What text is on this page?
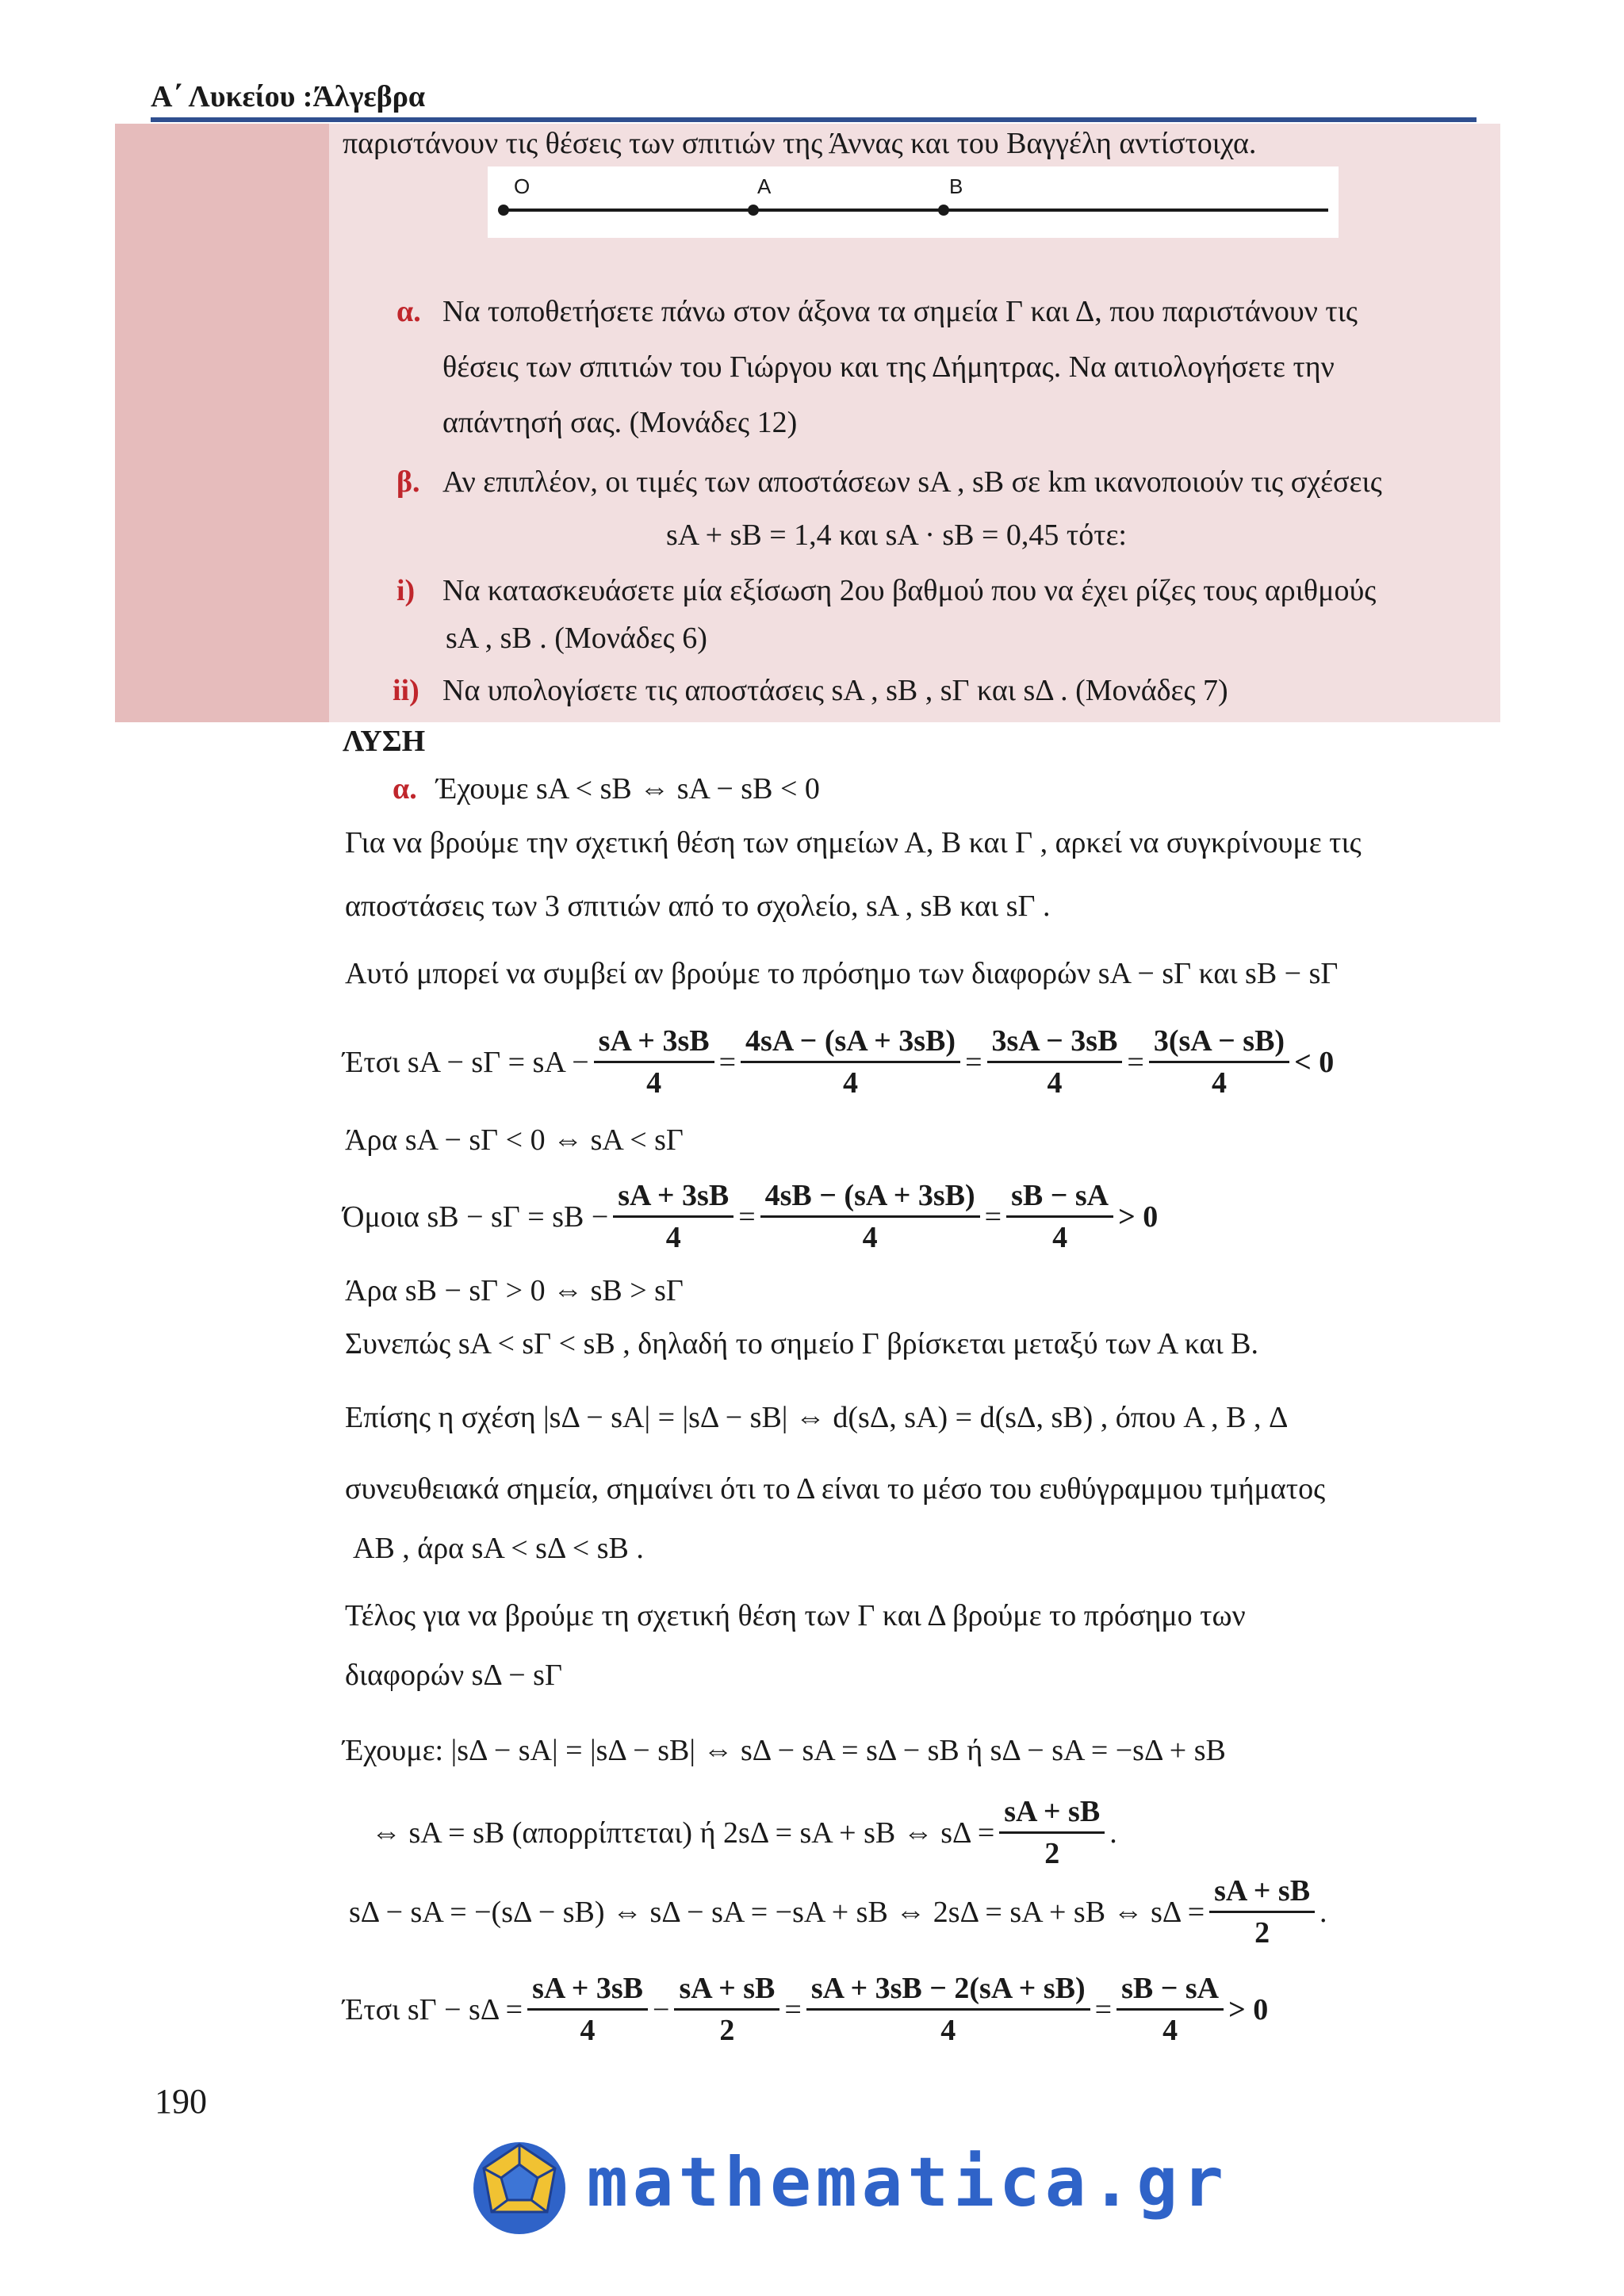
Α΄ Λυκείου :Άλγεβρα
παριστάνουν τις θέσεις των σπιτιών της Άννας και του Βαγγέλη αντίστοιχα.
O	A	B
α. Να τοποθετήσετε πάνω στον άξονα τα σημεία Γ και Δ, που παριστάνουν τις
θέσεις των σπιτιών του Γιώργου και της Δήμητρας. Να αιτιολογήσετε την
απάντησή σας. (Μονάδες 12)
β. Αν επιπλέον, οι τιμές των αποστάσεων sA , sB σε km ικανοποιούν τις σχέσεις
sA + sB = 1,4 και sA · sB = 0,45 τότε:
i) Να κατασκευάσετε μία εξίσωση 2ου βαθμού που να έχει ρίζες τους αριθμούς
sA , sB . (Μονάδες 6)
ii) Να υπολογίσετε τις αποστάσεις sA , sB , sΓ και sΔ . (Μονάδες 7)
ΛΥΣΗ
α. Έχουμε sA < sB ⇔ sA − sB < 0
Για να βρούμε την σχετική θέση των σημείων Α, Β και Γ , αρκεί να συγκρίνουμε τις
αποστάσεις των 3 σπιτιών από το σχολείο, sA , sB και sΓ .
Αυτό μπορεί να συμβεί αν βρούμε το πρόσημο των διαφορών sA − sΓ και sB − sΓ
Έτσι sA − sΓ = sA − $\frac{sA + 3sB}{4} = \frac{4sA - (sA + 3sB)}{4} = \frac{3sA - 3sB}{4} = \frac{3(sA - sB)}{4} < 0$
Άρα sA − sΓ < 0 ⇔ sA < sΓ
Όμοια sB − sΓ = sB − $\frac{sA + 3sB}{4} = \frac{4sB - (sA + 3sB)}{4} = \frac{sB - sA}{4} > 0$
Άρα sB − sΓ > 0 ⇔ sB > sΓ
Συνεπώς sA < sΓ < sB , δηλαδή το σημείο Γ βρίσκεται μεταξύ των Α και Β.
Επίσης η σχέση |sΔ − sA| = |sΔ − sB| ⇔ d(sΔ, sA) = d(sΔ, sB) , όπου A , B , Δ
συνευθειακά σημεία, σημαίνει ότι το Δ είναι το μέσο του ευθύγραμμου τμήματος
AB , άρα sA < sΔ < sB .
Τέλος για να βρούμε τη σχετική θέση των Γ και Δ βρούμε το πρόσημο των
διαφορών sΔ − sΓ
Έχουμε: |sΔ − sA| = |sΔ − sB| ⇔ sΔ − sA = sΔ − sB ή sΔ − sA = −sΔ + sB
⇔ sA = sB (απορρίπτεται) ή 2sΔ = sA + sB ⇔ $s\Delta = \frac{sA + sB}{2}$ .
sΔ − sA = −(sΔ − sB) ⇔ sΔ − sA = −sA + sB ⇔ 2sΔ = sA + sB ⇔ $s\Delta = \frac{sA + sB}{2}$ .
Έτσι $s\Gamma - s\Delta = \frac{sA + 3sB}{4} - \frac{sA + sB}{2} = \frac{sA + 3sB - 2(sA + sB)}{4} = \frac{sB - sA}{4} > 0$
190
mathematica.gr
